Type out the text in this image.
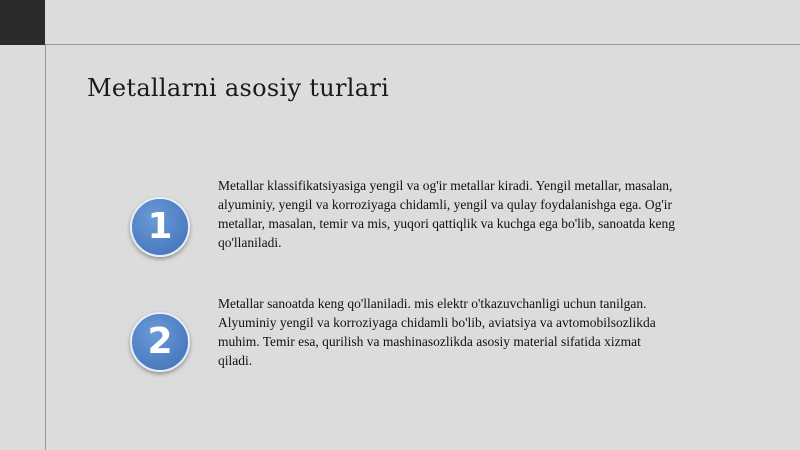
Metallarni asosiy turlari
1

Metallar klassifikatsiyasiga yengil va og'ir metallar kiradi. Yengil metallar, masalan, alyuminiy, yengil va korroziyaga chidamli, yengil va qulay foydalanishga ega. Og'ir metallar, masalan, temir va mis, yuqori qattiqlik va kuchga ega bo'lib, sanoatda keng qo'llaniladi.

2

Metallar sanoatda keng qo'llaniladi. mis elektr o'tkazuvchanligi uchun tanilgan. Alyuminiy yengil va korroziyaga chidamli bo'lib, aviatsiya va avtomobilsozlikda muhim. Temir esa, qurilish va mashinasozlikda asosiy material sifatida xizmat qiladi.
